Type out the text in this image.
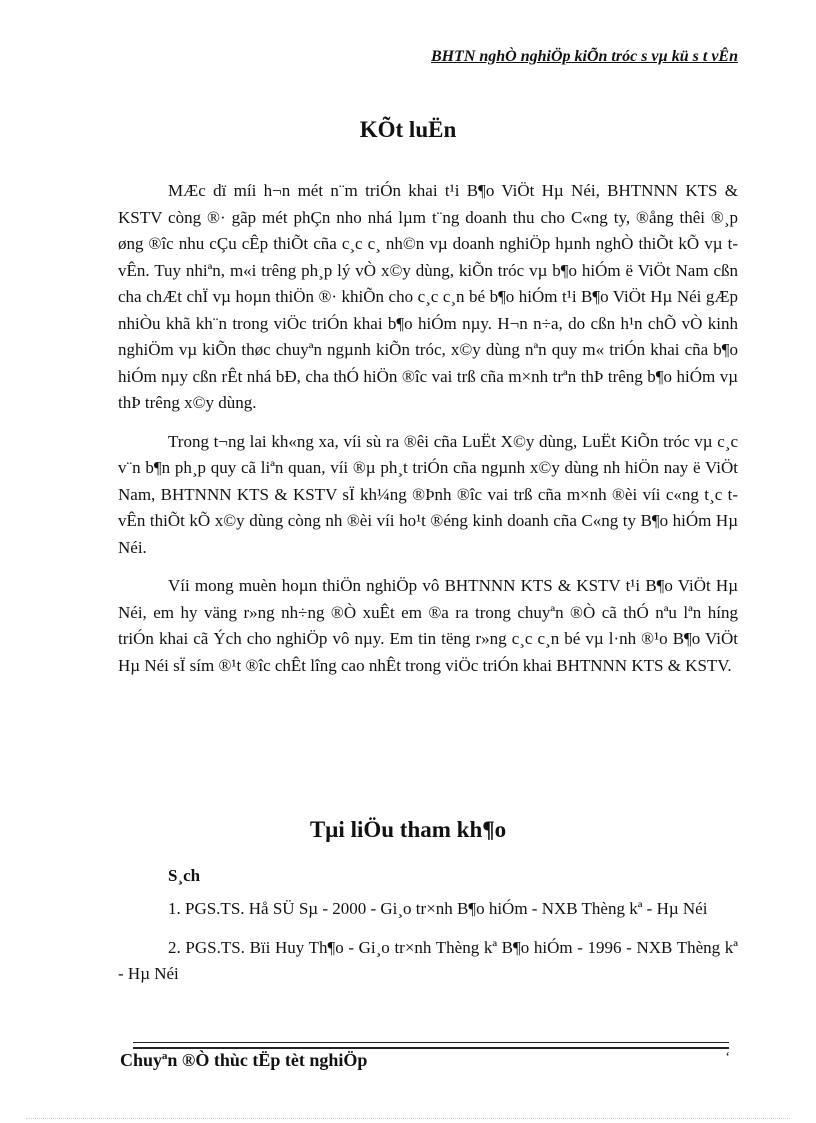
BHTN nghÒ nghiÖp kiÕn tróc s vµ kü s t vÊn
KÕt luËn

MÆc dï míi h¬n mét n¨m triÓn khai t¹i B¶o ViÖt Hµ Néi, BHTNNN KTS & KSTV còng ®· gãp mét phÇn nho nhá lµm t¨ng doanh thu cho C«ng ty, ®ång thêi ®¸p øng ®îc nhu cÇu cÊp thiÕt cña c¸c c¸ nh©n vµ doanh nghiÖp hµnh nghÒ thiÕt kÕ vµ t vÊn. Tuy nhiªn, m«i trêng ph¸p lý vÒ x©y dùng, kiÕn tróc vµ b¶o hiÓm ë ViÖt Nam cßn cha chÆt chÏ vµ hoµn thiÖn ®· khiÕn cho c¸c c¸n bé b¶o hiÓm t¹i B¶o ViÖt Hµ Néi gÆp nhiÒu khã kh¨n trong viÖc triÓn khai b¶o hiÓm nµy. H¬n n÷a, do cßn h¹n chÕ vÒ kinh nghiÖm vµ kiÕn thøc chuyªn ngµnh kiÕn tróc, x©y dùng nªn quy m« triÓn khai cña b¶o hiÓm nµy cßn rÊt nhá bÐ, cha thÓ hiÖn ®îc vai trß cña m×nh trªn thÞ trêng b¶o hiÓm vµ thÞ trêng x©y dùng.

Trong t¬ng lai kh«ng xa, víi sù ra ®êi cña LuËt X©y dùng, LuËt KiÕn tróc vµ c¸c v¨n b¶n ph¸p quy cã liªn quan, víi ®µ ph¸t triÓn cña ngµnh x©y dùng nh hiÖn nay ë ViÖt Nam, BHTNNN KTS & KSTV sÏ kh¼ng ®Þnh ®îc vai trß cña m×nh ®èi víi c«ng t¸c t vÊn thiÕt kÕ x©y dùng còng nh ®èi víi ho¹t ®éng kinh doanh cña C«ng ty B¶o hiÓm Hµ Néi.

Víi mong muèn hoµn thiÖn nghiÖp vô BHTNNN KTS & KSTV t¹i B¶o ViÖt Hµ Néi, em hy väng r»ng nh÷ng ®Ò xuÊt em ®a ra trong chuyªn ®Ò cã thÓ nªu lªn híng triÓn khai cã Ých cho nghiÖp vô nµy. Em tin tëng r»ng c¸c c¸n bé vµ l·nh ®¹o B¶o ViÖt Hµ Néi sÏ sím ®¹t ®îc chÊt lîng cao nhÊt trong viÖc triÓn khai BHTNNN KTS & KSTV.

Tµi liÖu tham kh¶o
S¸ch

1. PGS.TS. Hå SÜ Sµ - 2000 - Gi¸o tr×nh B¶o hiÓm - NXB Thèng kª - Hµ Néi

2. PGS.TS. Bïi Huy Th¶o - Gi¸o tr×nh Thèng kª B¶o hiÓm - 1996 - NXB Thèng kª - Hµ Néi

Chuyªn ®Ò thùc tËp tèt nghiÖp	‘
